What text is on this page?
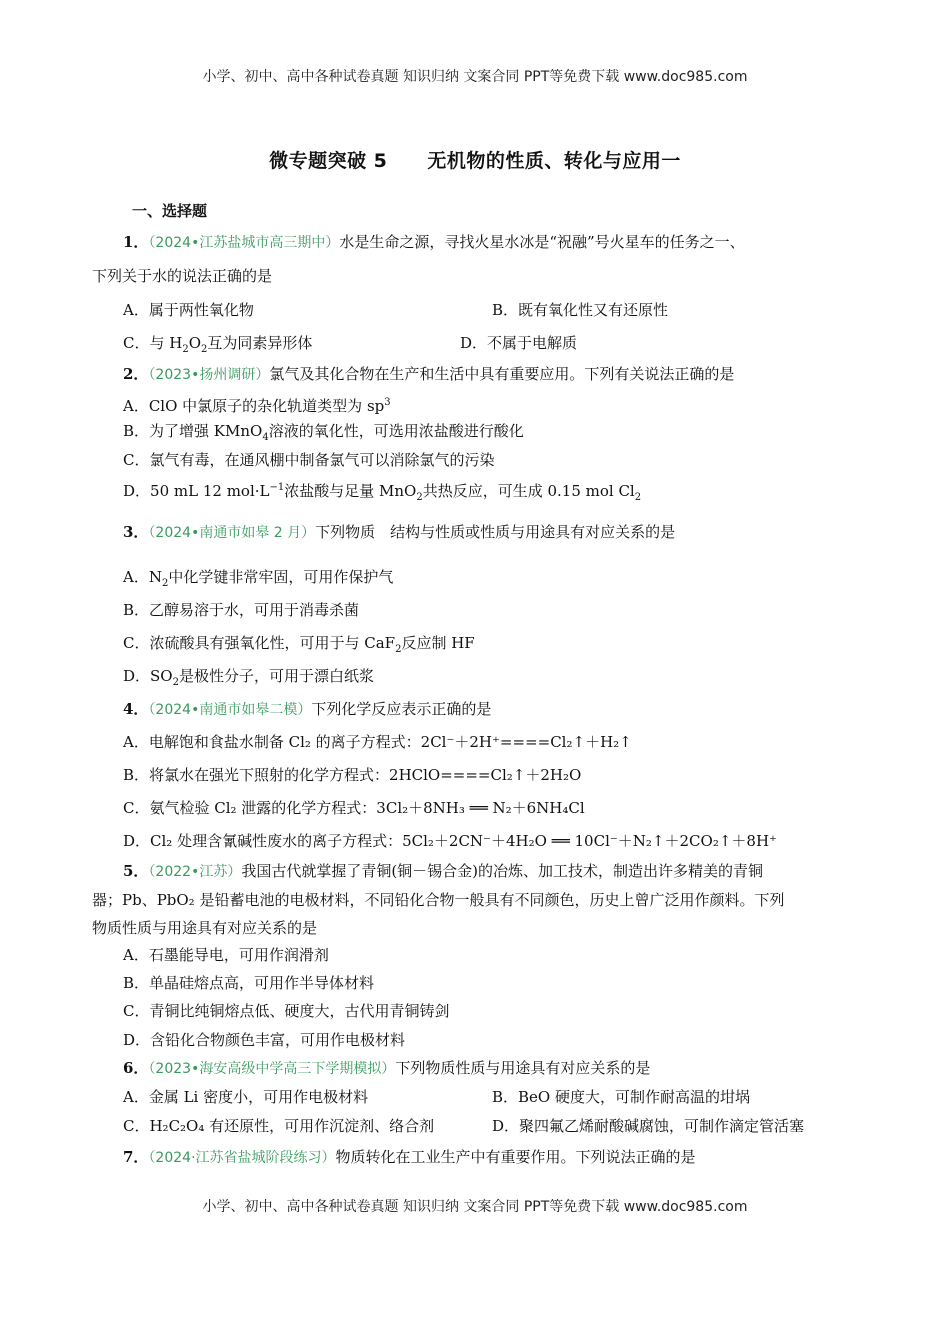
小学、初中、高中各种试卷真题 知识归纳 文案合同 PPT等免费下载 www.doc985.com
微专题突破 5 无机物的性质、转化与应用一
一、选择题
1．（2024•江苏盐城市高三期中）水是生命之源，寻找火星水冰是“祝融”号火星车的任务之一、
下列关于水的说法正确的是
A．属于两性氧化物	B．既有氧化性又有还原性
C．与 $H_2O_2$互为同素异形体	D．不属于电解质
2．（2023•扬州调研）氯气及其化合物在生产和生活中具有重要应用。下列有关说法正确的是
A．ClO 中氯原子的杂化轨道类型为 $sp^3$
B．为了增强 KMnO$_4$溶液的氧化性，可选用浓盐酸进行酸化
C．氯气有毒，在通风棚中制备氯气可以消除氯气的污染
D．50 mL 12 $mol\cdot L^{-1}$浓盐酸与足量 MnO$_2$共热反应，可生成 0.15 mol $Cl_2$
3．（2024•南通市如皋 2 月）下列物质　结构与性质或性质与用途具有对应关系的是
A．$N_2$中化学键非常牢固，可用作保护气
B．乙醇易溶于水，可用于消毒杀菌
C．浓硫酸具有强氧化性，可用于与 CaF$_2$反应制 HF
D．$SO_2$是极性分子，可用于漂白纸浆
4．（2024•南通市如皋二模）下列化学反应表示正确的是
A．电解饱和食盐水制备 Cl₂ 的离子方程式：2Cl⁻＋2H⁺====Cl₂↑＋H₂↑
B．将氯水在强光下照射的化学方程式：2HClO====Cl₂↑＋2H₂O
C．氨气检验 Cl₂ 泄露的化学方程式：3Cl₂＋8NH₃ ══ N₂＋6NH₄Cl
D．Cl₂ 处理含氰碱性废水的离子方程式：5Cl₂＋2CN⁻＋4H₂O ══ 10Cl⁻＋N₂↑＋2CO₂↑＋8H⁺
5．（2022•江苏）我国古代就掌握了青铜(铜－锡合金)的冶炼、加工技术，制造出许多精美的青铜
器；Pb、PbO₂ 是铅蓄电池的电极材料，不同铅化合物一般具有不同颜色，历史上曾广泛用作颜料。下列
物质性质与用途具有对应关系的是
A．石墨能导电，可用作润滑剂
B．单晶硅熔点高，可用作半导体材料
C．青铜比纯铜熔点低、硬度大，古代用青铜铸剑
D．含铅化合物颜色丰富，可用作电极材料
6．（2023•海安高级中学高三下学期模拟）下列物质性质与用途具有对应关系的是
A．金属 Li 密度小，可用作电极材料	B．BeO 硬度大，可制作耐高温的坩埚
C．H₂C₂O₄ 有还原性，可用作沉淀剂、络合剂	D．聚四氟乙烯耐酸碱腐蚀，可制作滴定管活塞
7．（2024·江苏省盐城阶段练习）物质转化在工业生产中有重要作用。下列说法正确的是
小学、初中、高中各种试卷真题 知识归纳 文案合同 PPT等免费下载 www.doc985.com
